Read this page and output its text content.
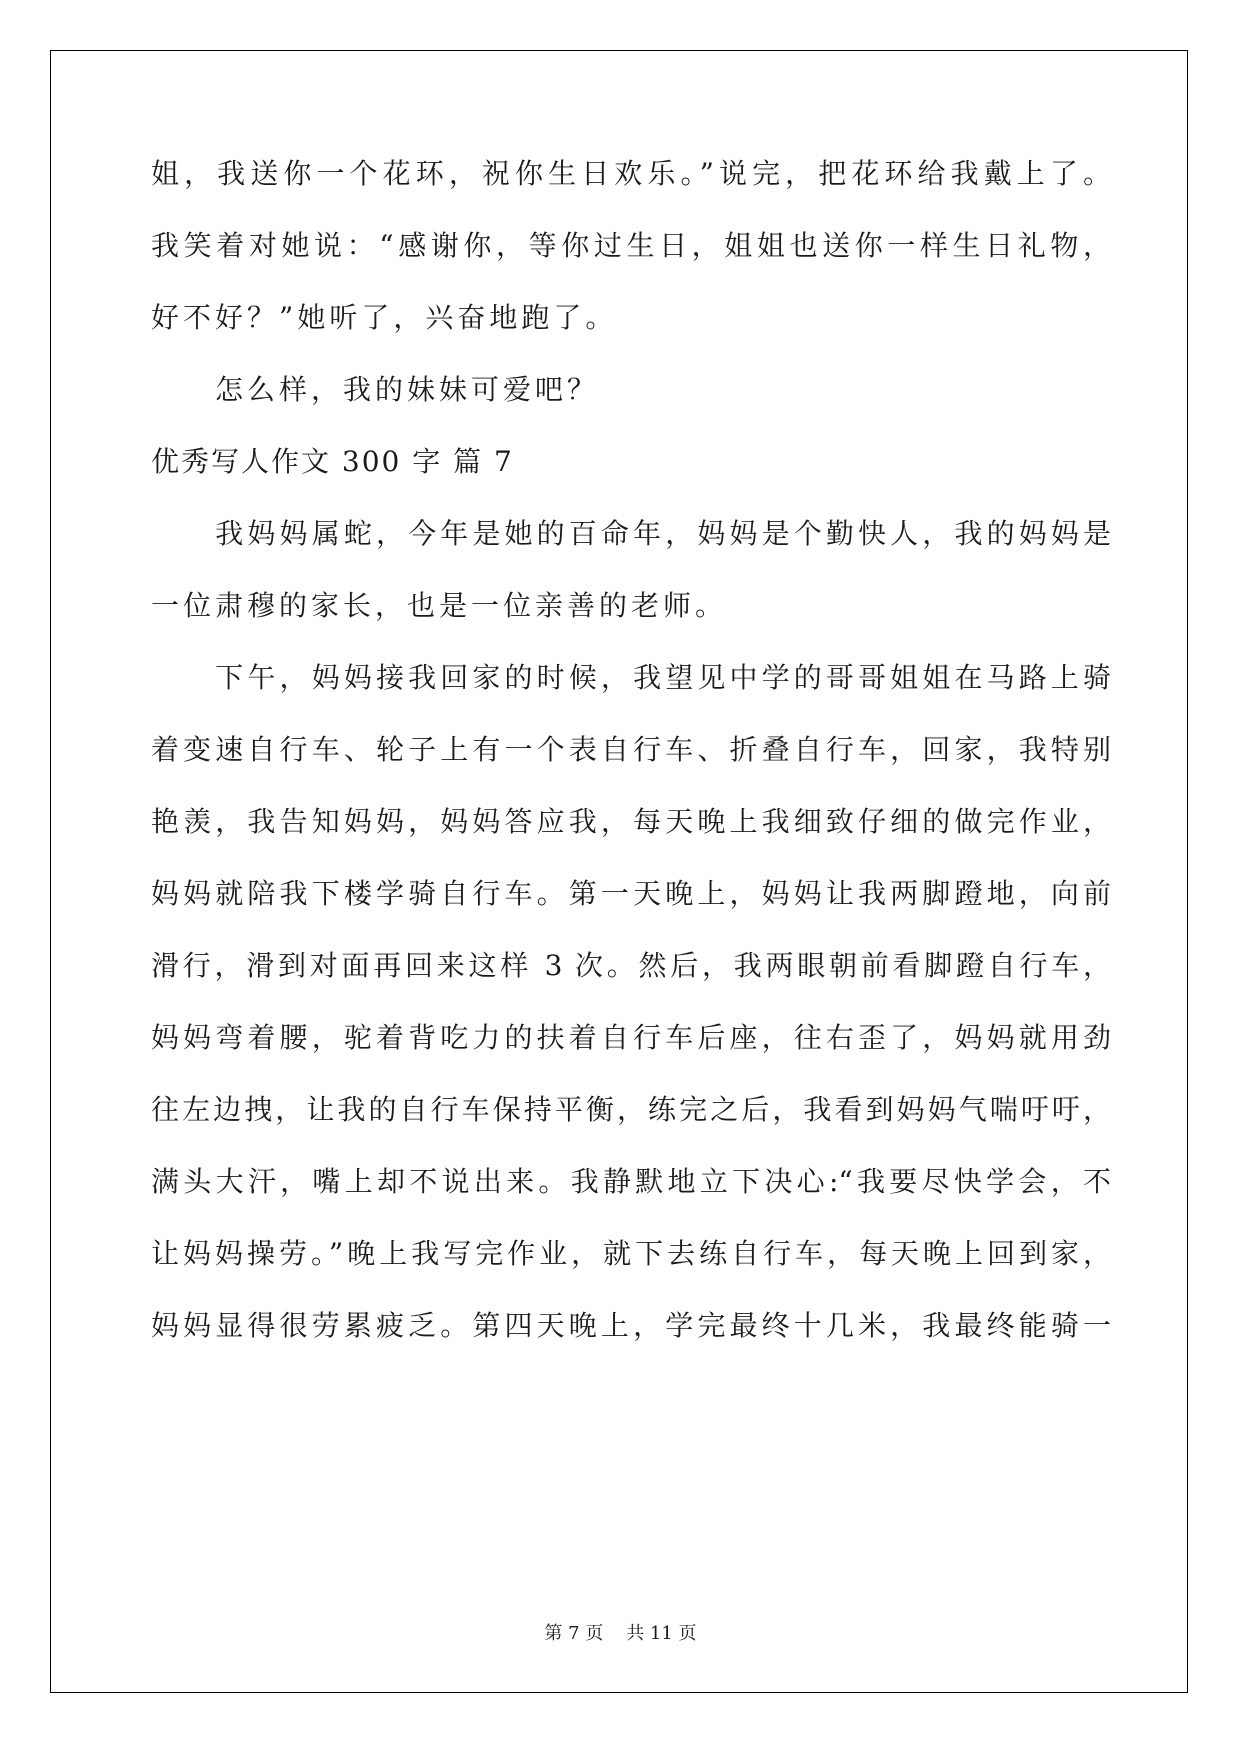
姐，我送你一个花环，祝你生日欢乐。”说完，把花环给我戴上了。
我笑着对她说：“感谢你，等你过生日，姐姐也送你一样生日礼物，
好不好？”她听了，兴奋地跑了。
　　怎么样，我的妹妹可爱吧？
优秀写人作文 300 字 篇 7
　　我妈妈属蛇，今年是她的百命年，妈妈是个勤快人，我的妈妈是
一位肃穆的家长，也是一位亲善的老师。
　　下午，妈妈接我回家的时候，我望见中学的哥哥姐姐在马路上骑
着变速自行车、轮子上有一个表自行车、折叠自行车，回家，我特别
艳羡，我告知妈妈，妈妈答应我，每天晚上我细致仔细的做完作业，
妈妈就陪我下楼学骑自行车。第一天晚上，妈妈让我两脚蹬地，向前
滑行，滑到对面再回来这样 3 次。然后，我两眼朝前看脚蹬自行车，
妈妈弯着腰，驼着背吃力的扶着自行车后座，往右歪了，妈妈就用劲
往左边拽，让我的自行车保持平衡，练完之后，我看到妈妈气喘吁吁，
满头大汗，嘴上却不说出来。我静默地立下决心:“我要尽快学会，不
让妈妈操劳。”晚上我写完作业，就下去练自行车，每天晚上回到家，
妈妈显得很劳累疲乏。第四天晚上，学完最终十几米，我最终能骑一
第 7 页    共 11 页
